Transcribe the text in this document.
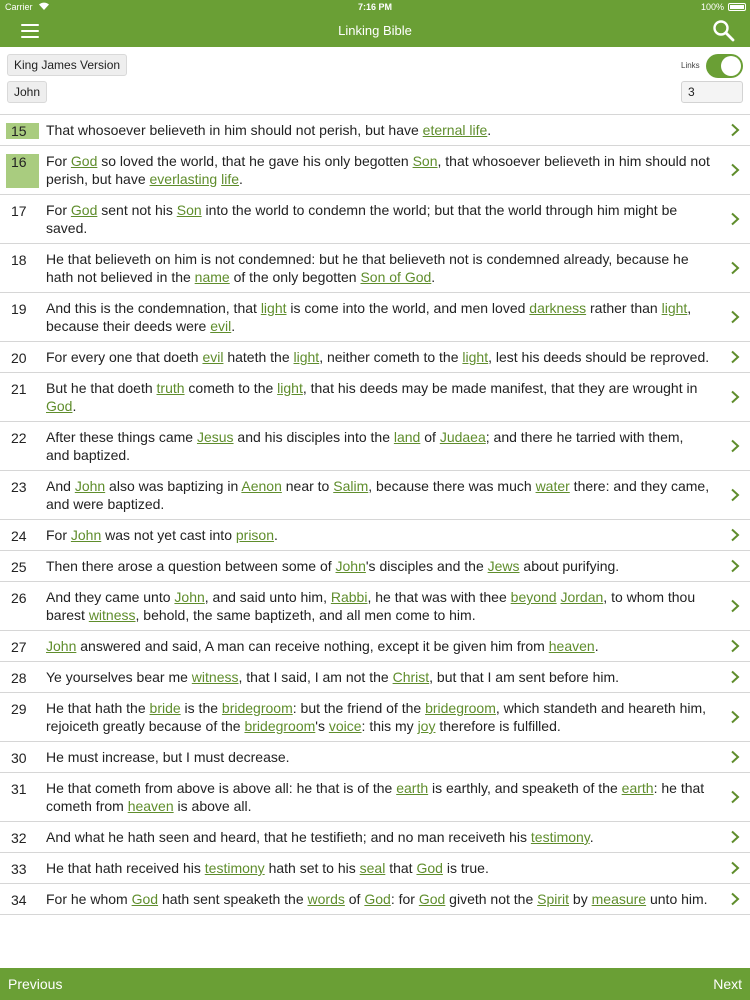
Carrier	7:16 PM	100%
Linking Bible
King James Version
John
Links
3
15	That whosoever believeth in him should not perish, but have eternal life.
16	For God so loved the world, that he gave his only begotten Son, that whosoever believeth in him should not perish, but have everlasting life.
17	For God sent not his Son into the world to condemn the world; but that the world through him might be saved.
18	He that believeth on him is not condemned: but he that believeth not is condemned already, because he hath not believed in the name of the only begotten Son of God.
19	And this is the condemnation, that light is come into the world, and men loved darkness rather than light, because their deeds were evil.
20	For every one that doeth evil hateth the light, neither cometh to the light, lest his deeds should be reproved.
21	But he that doeth truth cometh to the light, that his deeds may be made manifest, that they are wrought in God.
22	After these things came Jesus and his disciples into the land of Judaea; and there he tarried with them, and baptized.
23	And John also was baptizing in Aenon near to Salim, because there was much water there: and they came, and were baptized.
24	For John was not yet cast into prison.
25	Then there arose a question between some of John's disciples and the Jews about purifying.
26	And they came unto John, and said unto him, Rabbi, he that was with thee beyond Jordan, to whom thou barest witness, behold, the same baptizeth, and all men come to him.
27	John answered and said, A man can receive nothing, except it be given him from heaven.
28	Ye yourselves bear me witness, that I said, I am not the Christ, but that I am sent before him.
29	He that hath the bride is the bridegroom: but the friend of the bridegroom, which standeth and heareth him, rejoiceth greatly because of the bridegroom's voice: this my joy therefore is fulfilled.
30	He must increase, but I must decrease.
31	He that cometh from above is above all: he that is of the earth is earthly, and speaketh of the earth: he that cometh from heaven is above all.
32	And what he hath seen and heard, that he testifieth; and no man receiveth his testimony.
33	He that hath received his testimony hath set to his seal that God is true.
34	For he whom God hath sent speaketh the words of God: for God giveth not the Spirit by measure unto him.
Previous	Next
